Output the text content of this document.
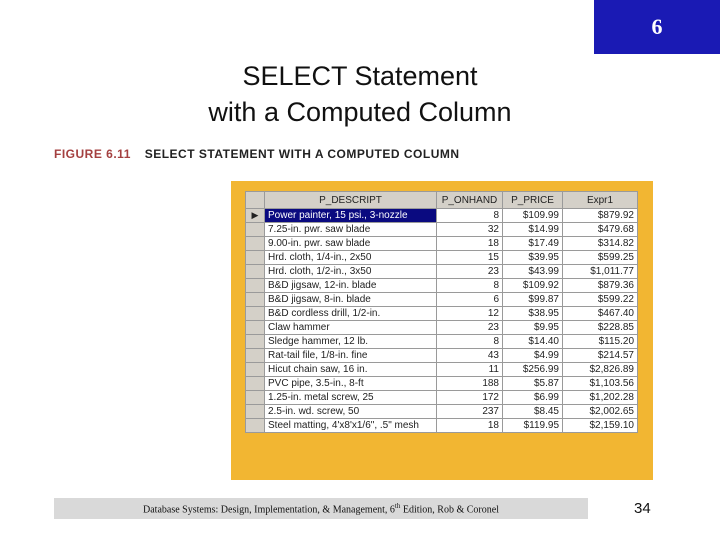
6
SELECT Statement
with a Computed Column
FIGURE 6.11 SELECT STATEMENT WITH A COMPUTED COLUMN
	P_DESCRIPT	P_ONHAND	P_PRICE	Expr1
▶	Power painter, 15 psi., 3-nozzle	8	$109.99	$879.92
	7.25-in. pwr. saw blade	32	$14.99	$479.68
	9.00-in. pwr. saw blade	18	$17.49	$314.82
	Hrd. cloth, 1/4-in., 2x50	15	$39.95	$599.25
	Hrd. cloth, 1/2-in., 3x50	23	$43.99	$1,011.77
	B&D jigsaw, 12-in. blade	8	$109.92	$879.36
	B&D jigsaw, 8-in. blade	6	$99.87	$599.22
	B&D cordless drill, 1/2-in.	12	$38.95	$467.40
	Claw hammer	23	$9.95	$228.85
	Sledge hammer, 12 lb.	8	$14.40	$115.20
	Rat-tail file, 1/8-in. fine	43	$4.99	$214.57
	Hicut chain saw, 16 in.	11	$256.99	$2,826.89
	PVC pipe, 3.5-in., 8-ft	188	$5.87	$1,103.56
	1.25-in. metal screw, 25	172	$6.99	$1,202.28
	2.5-in. wd. screw, 50	237	$8.45	$2,002.65
	Steel matting, 4'x8'x1/6", .5" mesh	18	$119.95	$2,159.10
Database Systems: Design, Implementation, & Management, 6th Edition, Rob & Coronel	34
